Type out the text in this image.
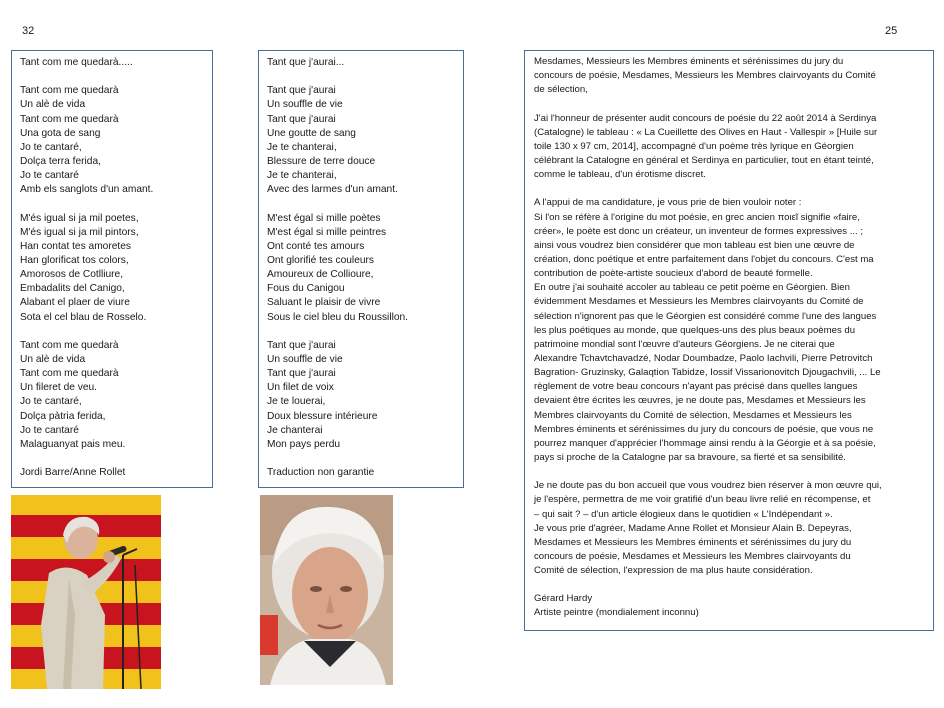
32	25
Tant com me quedarà.....
Tant com me quedarà
Un alè de vida
Tant com me quedarà
Una gota de sang
Jo te cantaré,
Dolça terra ferida,
Jo te cantaré
Amb els sanglots d'un amant.
M'és igual si ja mil poetes,
M'és igual si ja mil pintors,
Han contat tes amoretes
Han glorificat tos colors,
Amorosos de Cotlliure,
Embadalits del Canigo,
Alabant el plaer de viure
Sota el cel blau de Rosselo.
Tant com me quedarà
Un alè de vida
Tant com me quedarà
Un fileret de veu.
Jo te cantaré,
Dolça pàtria ferida,
Jo te cantaré
Malaguanyat pais meu.
Jordi Barre/Anne Rollet
Tant que j'aurai...
Tant que j'aurai
Un souffle de vie
Tant que j'aurai
Une goutte de sang
Je te chanterai,
Blessure de terre douce
Je te chanterai,
Avec des larmes d'un amant.
M'est égal si mille poètes
M'est égal si mille peintres
Ont conté tes amours
Ont glorifié tes couleurs
Amoureux de Collioure,
Fous du Canigou
Saluant le plaisir de vivre
Sous le ciel bleu du Roussillon.
Tant que j'aurai
Un souffle de vie
Tant que j'aurai
Un filet de voix
Je te louerai,
Doux blessure intérieure
Je chanterai
Mon pays perdu
Traduction non garantie
Mesdames, Messieurs les Membres éminents et sérénissimes du jury du
concours de poésie, Mesdames, Messieurs les Membres clairvoyants du Comité
de sélection,
J'ai l'honneur de présenter audit concours de poésie du 22 août 2014 à Serdinya
(Catalogne) le tableau : « La Cueillette des Olives en Haut - Vallespir » [Huile sur
toile 130 x 97 cm, 2014], accompagné d'un poème très lyrique en Géorgien
célébrant la Catalogne en général et Serdinya en particulier, tout en étant teinté,
comme le tableau, d'un érotisme discret.
A l'appui de ma candidature, je vous prie de bien vouloir noter :
Si l'on se réfère à l'origine du mot poésie, en grec ancien ποιεῖ signifie «faire,
créer», le poète est donc un créateur, un inventeur de formes expressives ... ;
ainsi vous voudrez bien considérer que mon tableau est bien une œuvre de
création, donc poétique et entre parfaitement dans l'objet du concours. C'est ma
contribution de poète-artiste soucieux d'abord de beauté formelle.
En outre j'ai souhaité accoler au tableau ce petit poème en Géorgien. Bien
évidemment Mesdames et Messieurs les Membres clairvoyants du Comité de
sélection n'ignorent pas que le Géorgien est considéré comme l'une des langues
les plus poétiques au monde, que quelques-uns des plus beaux poèmes du
patrimoine mondial sont l'œuvre d'auteurs Géorgiens. Je ne citerai que
Alexandre Tchavtchavadzé, Nodar Doumbadze, Paolo Iachvili, Pierre Petrovitch
Bagration- Gruzinsky, Galaqtion Tabidze, Iossif Vissarionovitch Djougachvili, ... Le
règlement de votre beau concours n'ayant pas précisé dans quelles langues
devaient être écrites les œuvres, je ne doute pas, Mesdames et Messieurs les
Membres clairvoyants du Comité de sélection, Mesdames et Messieurs les
Membres éminents et sérénissimes du jury du concours de poésie, que vous ne
pourrez manquer d'apprécier l'hommage ainsi rendu à la Géorgie et à sa poésie,
pays si proche de la Catalogne par sa bravoure, sa fierté et sa sensibilité.
Je ne doute pas du bon accueil que vous voudrez bien réserver à mon œuvre qui,
je l'espère, permettra de me voir gratifié d'un beau livre relié en récompense, et
– qui sait ? – d'un article élogieux dans le quotidien « L'Indépendant ».
Je vous prie d'agréer, Madame Anne Rollet et Monsieur Alain B. Depeyras,
Mesdames et Messieurs les Membres éminents et sérénissimes du jury du
concours de poésie, Mesdames et Messieurs les Membres clairvoyants du
Comité de sélection, l'expression de ma plus haute considération.
Gérard Hardy
Artiste peintre (mondialement inconnu)
